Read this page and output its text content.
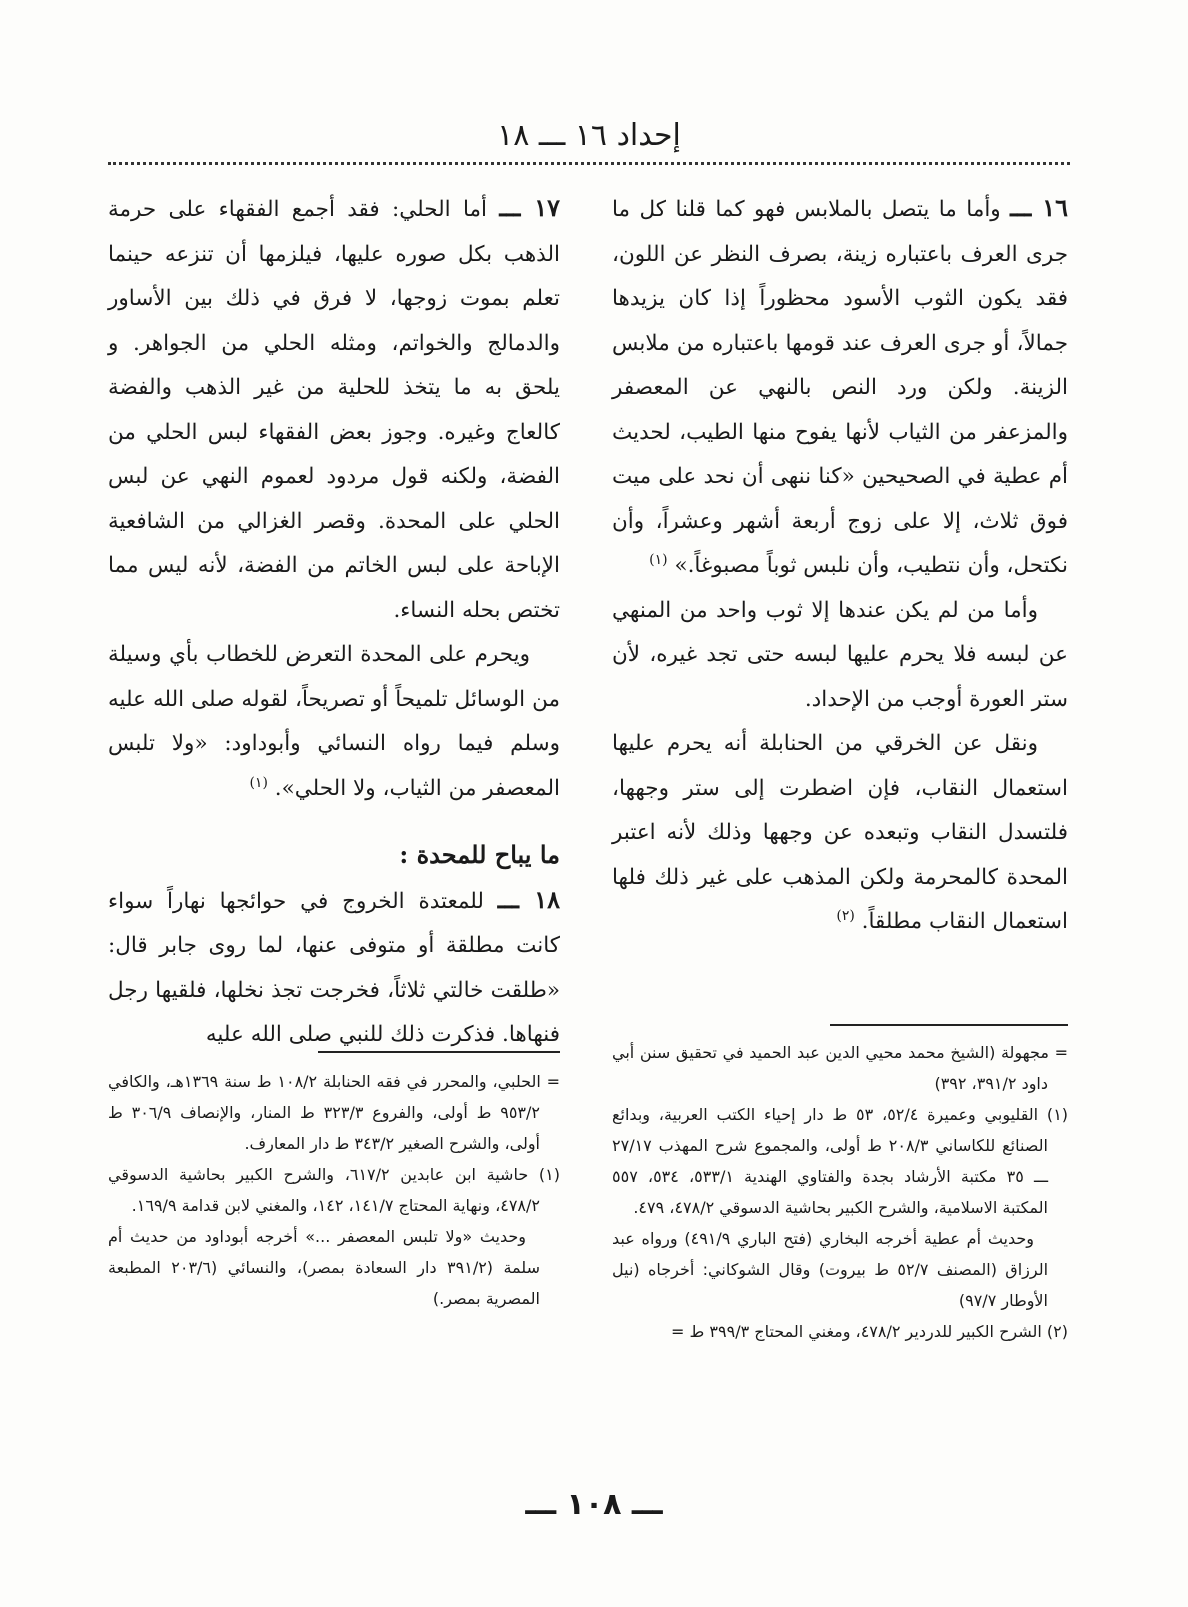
إحداد ١٦ ـــ ١٨

١٦ ـــ وأما ما يتصل بالملابس فهو كما قلنا كل ما جرى العرف باعتباره زينة، بصرف النظر عن اللون، فقد يكون الثوب الأسود محظوراً إذا كان يزيدها جمالاً، أو جرى العرف عند قومها باعتباره من ملابس الزينة. ولكن ورد النص بالنهي عن المعصفر والمزعفر من الثياب لأنها يفوح منها الطيب، لحديث أم عطية في الصحيحين «كنا ننهى أن نحد على ميت فوق ثلاث، إلا على زوج أربعة أشهر وعشراً، وأن نكتحل، وأن نتطيب، وأن نلبس ثوباً مصبوغاً.» $^{(١)}$

وأما من لم يكن عندها إلا ثوب واحد من المنهي عن لبسه فلا يحرم عليها لبسه حتى تجد غيره، لأن ستر العورة أوجب من الإحداد.

ونقل عن الخرقي من الحنابلة أنه يحرم عليها استعمال النقاب، فإن اضطرت إلى ستر وجهها، فلتسدل النقاب وتبعده عن وجهها وذلك لأنه اعتبر المحدة كالمحرمة ولكن المذهب على غير ذلك فلها استعمال النقاب مطلقاً. $^{(٢)}$

١٧ ـــ أما الحلي: فقد أجمع الفقهاء على حرمة الذهب بكل صوره عليها، فيلزمها أن تنزعه حينما تعلم بموت زوجها، لا فرق في ذلك بين الأساور والدمالج والخواتم، ومثله الحلي من الجواهر. و يلحق به ما يتخذ للحلية من غير الذهب والفضة كالعاج وغيره. وجوز بعض الفقهاء لبس الحلي من الفضة، ولكنه قول مردود لعموم النهي عن لبس الحلي على المحدة. وقصر الغزالي من الشافعية الإباحة على لبس الخاتم من الفضة، لأنه ليس مما تختص بحله النساء.

ويحرم على المحدة التعرض للخطاب بأي وسيلة من الوسائل تلميحاً أو تصريحاً، لقوله صلى الله عليه وسلم فيما رواه النسائي وأبوداود: «ولا تلبس المعصفر من الثياب، ولا الحلي». $^{(١)}$

ما يباح للمحدة :

١٨ ـــ للمعتدة الخروج في حوائجها نهاراً سواء كانت مطلقة أو متوفى عنها، لما روى جابر قال: «طلقت خالتي ثلاثاً، فخرجت تجذ نخلها، فلقيها رجل فنهاها. فذكرت ذلك للنبي صلى الله عليه

= مجهولة (الشيخ محمد محيي الدين عبد الحميد في تحقيق سنن أبي داود ٣٩١/٢، ٣٩٢)

(١) القليوبي وعميرة ٥٢/٤، ٥٣ ط دار إحياء الكتب العربية، وبدائع الصنائع للكاساني ٢٠٨/٣ ط أولى، والمجموع شرح المهذب ٢٧/١٧ ـــ ٣٥ مكتبة الأرشاد بجدة والفتاوي الهندية ٥٣٣/١، ٥٣٤، ٥٥٧ المكتبة الاسلامية، والشرح الكبير بحاشية الدسوقي ٤٧٨/٢، ٤٧٩.

وحديث أم عطية أخرجه البخاري (فتح الباري ٤٩١/٩) ورواه عبد الرزاق (المصنف ٥٢/٧ ط بيروت) وقال الشوكاني: أخرجاه (نيل الأوطار ٩٧/٧)

(٢) الشرح الكبير للدردير ٤٧٨/٢، ومغني المحتاج ٣٩٩/٣ ط =

= الحلبي، والمحرر في فقه الحنابلة ١٠٨/٢ ط سنة ١٣٦٩هـ، والكافي ٩٥٣/٢ ط أولى، والفروع ٣٢٣/٣ ط المنار، والإنصاف ٣٠٦/٩ ط أولى، والشرح الصغير ٣٤٣/٢ ط دار المعارف.

(١) حاشية ابن عابدين ٦١٧/٢، والشرح الكبير بحاشية الدسوقي ٤٧٨/٢، ونهاية المحتاج ١٤١/٧، ١٤٢، والمغني لابن قدامة ١٦٩/٩.

وحديث «ولا تلبس المعصفر ...» أخرجه أبوداود من حديث أم سلمة (٣٩١/٢ دار السعادة بمصر)، والنسائي (٢٠٣/٦ المطبعة المصرية بمصر.)

ـــ ١٠٨ ـــ
